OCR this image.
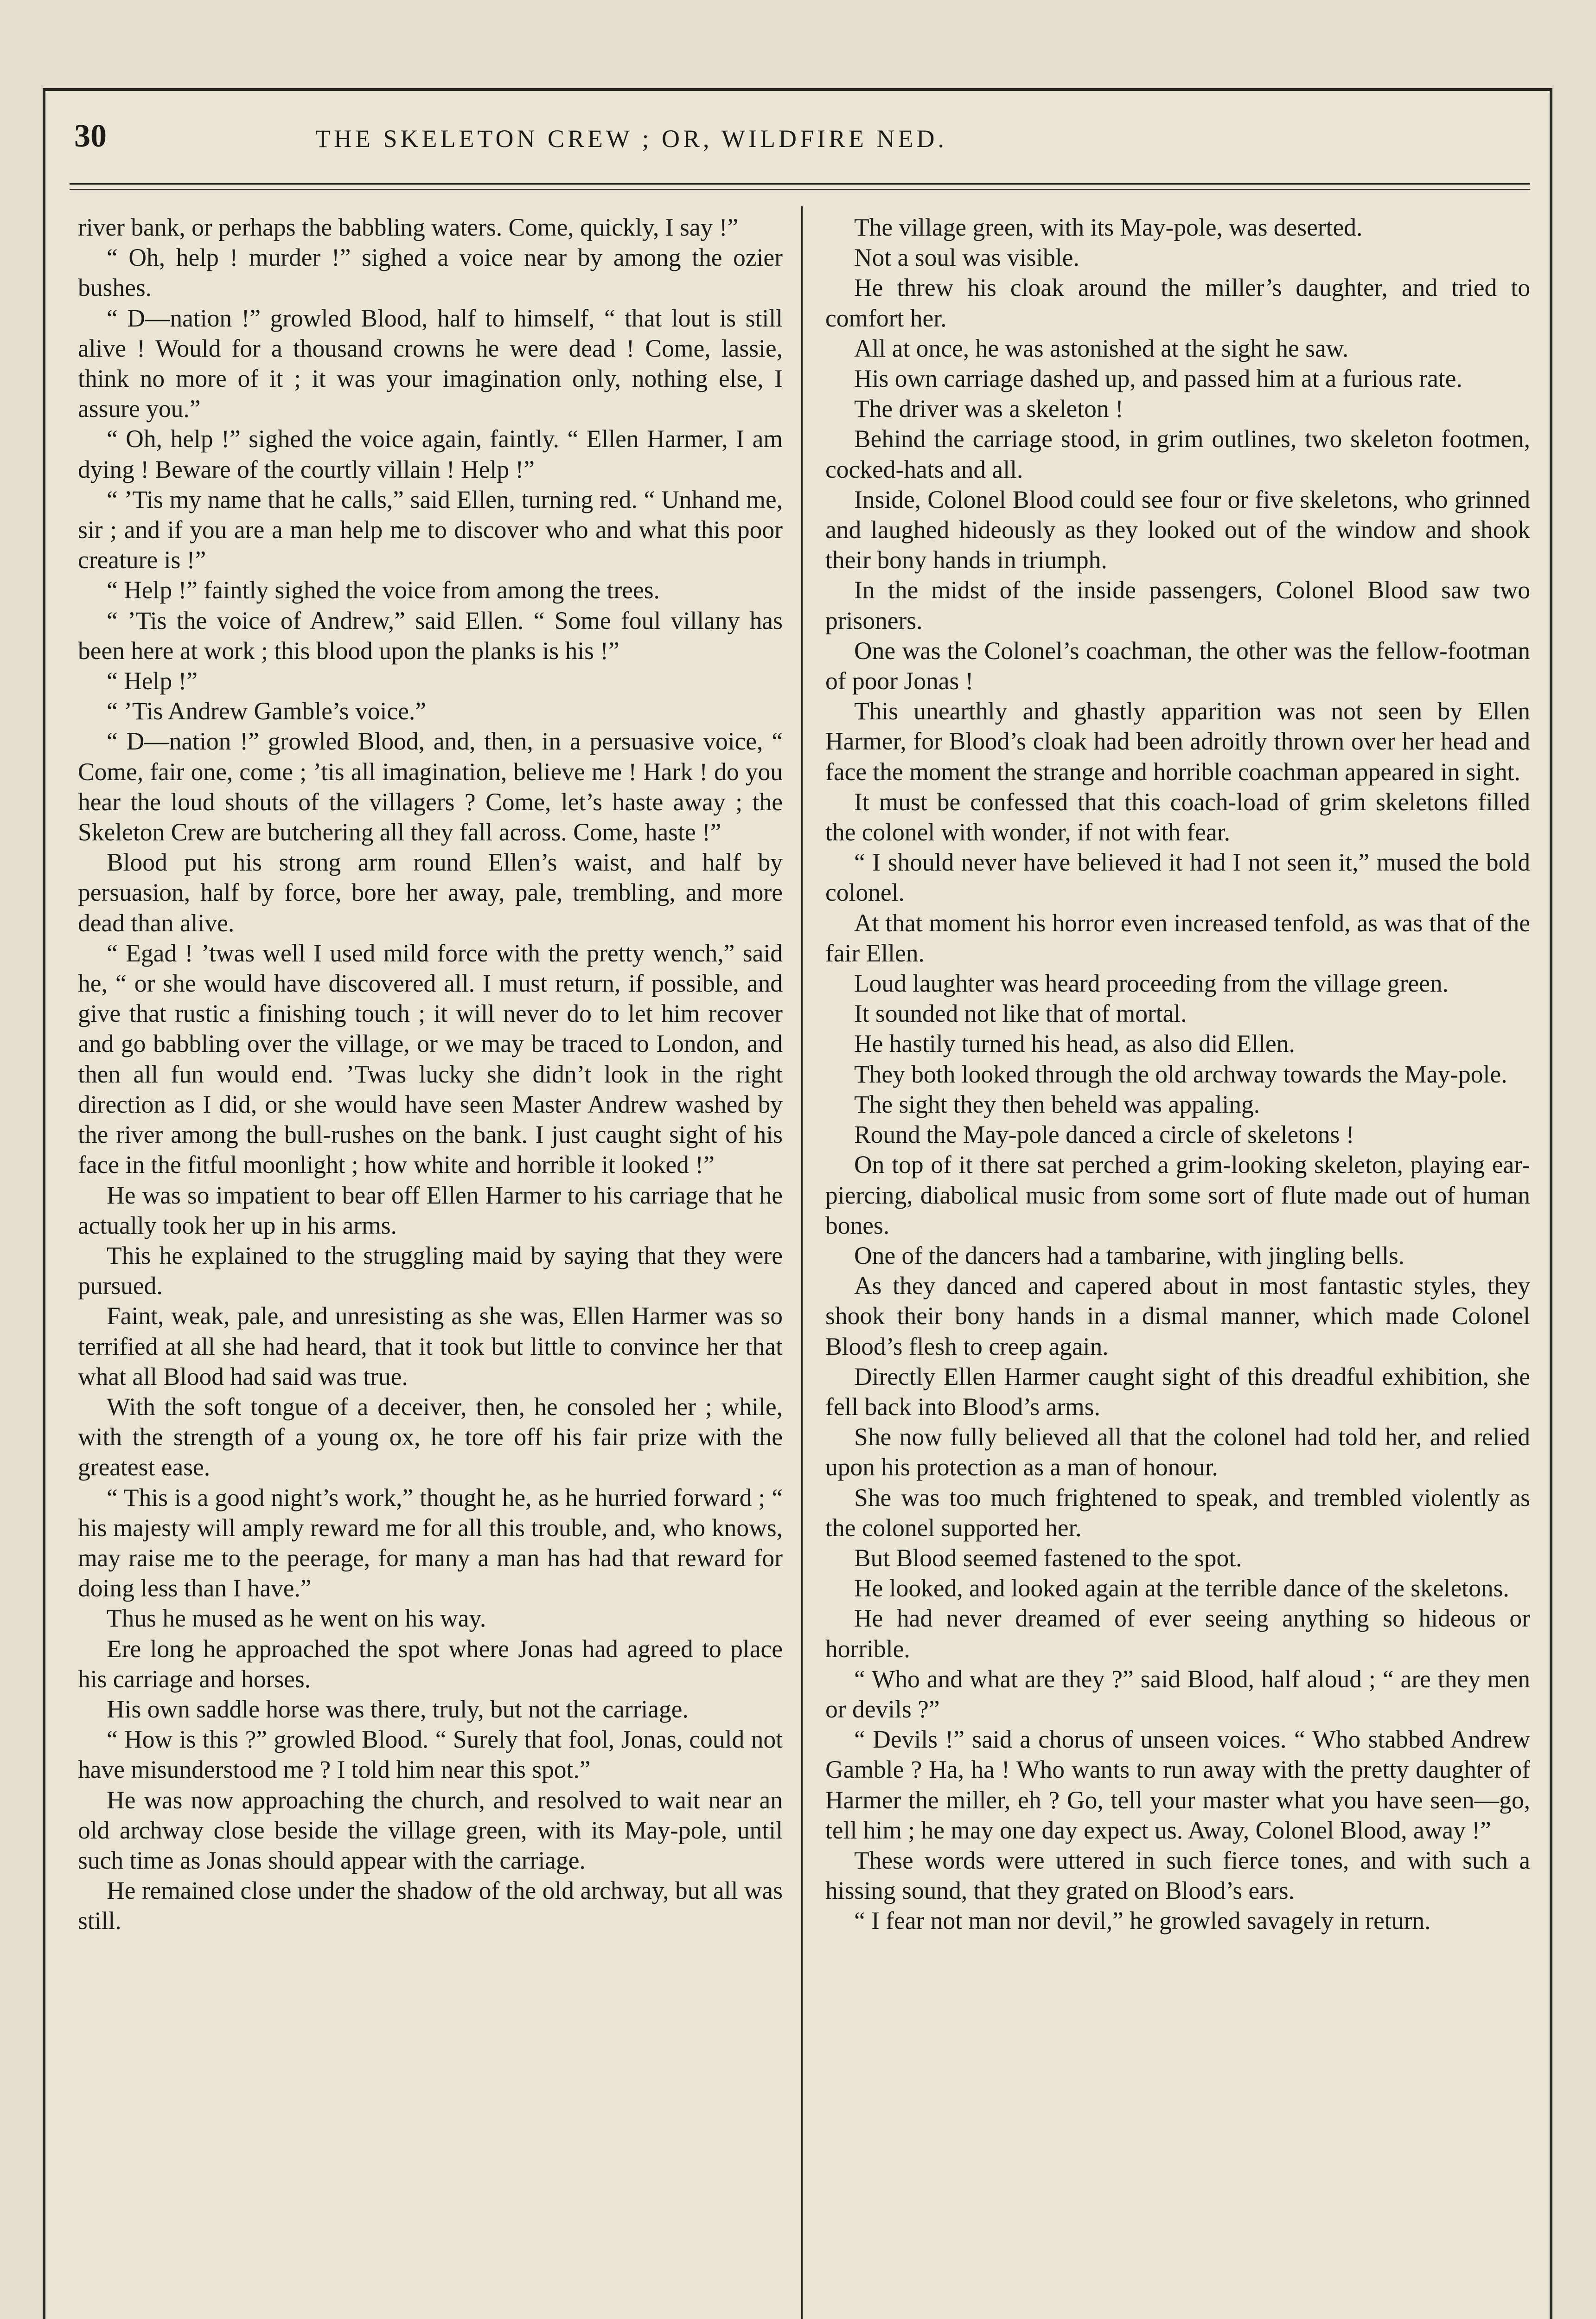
30	THE SKELETON CREW ; OR, WILDFIRE NED.

river bank, or perhaps the babbling waters. Come, quickly, I say !”

“ Oh, help ! murder !” sighed a voice near by among the ozier bushes.

“ D—nation !” growled Blood, half to himself, “ that lout is still alive ! Would for a thousand crowns he were dead ! Come, lassie, think no more of it ; it was your imagination only, nothing else, I assure you.”

“ Oh, help !” sighed the voice again, faintly. “ Ellen Harmer, I am dying ! Beware of the courtly villain ! Help !”

“ ’Tis my name that he calls,” said Ellen, turning red. “ Unhand me, sir ; and if you are a man help me to discover who and what this poor creature is !”

“ Help !” faintly sighed the voice from among the trees.

“ ’Tis the voice of Andrew,” said Ellen. “ Some foul villany has been here at work ; this blood upon the planks is his !”

“ Help !”

“ ’Tis Andrew Gamble’s voice.”

“ D—nation !” growled Blood, and, then, in a persuasive voice, “ Come, fair one, come ; ’tis all imagination, believe me ! Hark ! do you hear the loud shouts of the villagers ? Come, let’s haste away ; the Skeleton Crew are butchering all they fall across. Come, haste !”

Blood put his strong arm round Ellen’s waist, and half by persuasion, half by force, bore her away, pale, trembling, and more dead than alive.

“ Egad ! ’twas well I used mild force with the pretty wench,” said he, “ or she would have discovered all. I must return, if possible, and give that rustic a finishing touch ; it will never do to let him recover and go babbling over the village, or we may be traced to London, and then all fun would end. ’Twas lucky she didn’t look in the right direction as I did, or she would have seen Master Andrew washed by the river among the bull-rushes on the bank. I just caught sight of his face in the fitful moonlight ; how white and horrible it looked !”

He was so impatient to bear off Ellen Harmer to his carriage that he actually took her up in his arms.

This he explained to the struggling maid by saying that they were pursued.

Faint, weak, pale, and unresisting as she was, Ellen Harmer was so terrified at all she had heard, that it took but little to convince her that what all Blood had said was true.

With the soft tongue of a deceiver, then, he consoled her ; while, with the strength of a young ox, he tore off his fair prize with the greatest ease.

“ This is a good night’s work,” thought he, as he hurried forward ; “ his majesty will amply reward me for all this trouble, and, who knows, may raise me to the peerage, for many a man has had that reward for doing less than I have.”

Thus he mused as he went on his way.

Ere long he approached the spot where Jonas had agreed to place his carriage and horses.

His own saddle horse was there, truly, but not the carriage.

“ How is this ?” growled Blood. “ Surely that fool, Jonas, could not have misunderstood me ? I told him near this spot.”

He was now approaching the church, and resolved to wait near an old archway close beside the village green, with its May-pole, until such time as Jonas should appear with the carriage.

He remained close under the shadow of the old archway, but all was still.

The village green, with its May-pole, was deserted.

Not a soul was visible.

He threw his cloak around the miller’s daughter, and tried to comfort her.

All at once, he was astonished at the sight he saw.

His own carriage dashed up, and passed him at a furious rate.

The driver was a skeleton !

Behind the carriage stood, in grim outlines, two skeleton footmen, cocked-hats and all.

Inside, Colonel Blood could see four or five skeletons, who grinned and laughed hideously as they looked out of the window and shook their bony hands in triumph.

In the midst of the inside passengers, Colonel Blood saw two prisoners.

One was the Colonel’s coachman, the other was the fellow-footman of poor Jonas !

This unearthly and ghastly apparition was not seen by Ellen Harmer, for Blood’s cloak had been adroitly thrown over her head and face the moment the strange and horrible coachman appeared in sight.

It must be confessed that this coach-load of grim skeletons filled the colonel with wonder, if not with fear.

“ I should never have believed it had I not seen it,” mused the bold colonel.

At that moment his horror even increased tenfold, as was that of the fair Ellen.

Loud laughter was heard proceeding from the village green.

It sounded not like that of mortal.

He hastily turned his head, as also did Ellen.

They both looked through the old archway towards the May-pole.

The sight they then beheld was appaling.

Round the May-pole danced a circle of skeletons !

On top of it there sat perched a grim-looking skeleton, playing ear-piercing, diabolical music from some sort of flute made out of human bones.

One of the dancers had a tambarine, with jingling bells.

As they danced and capered about in most fantastic styles, they shook their bony hands in a dismal manner, which made Colonel Blood’s flesh to creep again.

Directly Ellen Harmer caught sight of this dreadful exhibition, she fell back into Blood’s arms.

She now fully believed all that the colonel had told her, and relied upon his protection as a man of honour.

She was too much frightened to speak, and trembled violently as the colonel supported her.

But Blood seemed fastened to the spot.

He looked, and looked again at the terrible dance of the skeletons.

He had never dreamed of ever seeing anything so hideous or horrible.

“ Who and what are they ?” said Blood, half aloud ; “ are they men or devils ?”

“ Devils !” said a chorus of unseen voices. “ Who stabbed Andrew Gamble ? Ha, ha ! Who wants to run away with the pretty daughter of Harmer the miller, eh ? Go, tell your master what you have seen—go, tell him ; he may one day expect us. Away, Colonel Blood, away !”

These words were uttered in such fierce tones, and with such a hissing sound, that they grated on Blood’s ears.

“ I fear not man nor devil,” he growled savagely in return.
